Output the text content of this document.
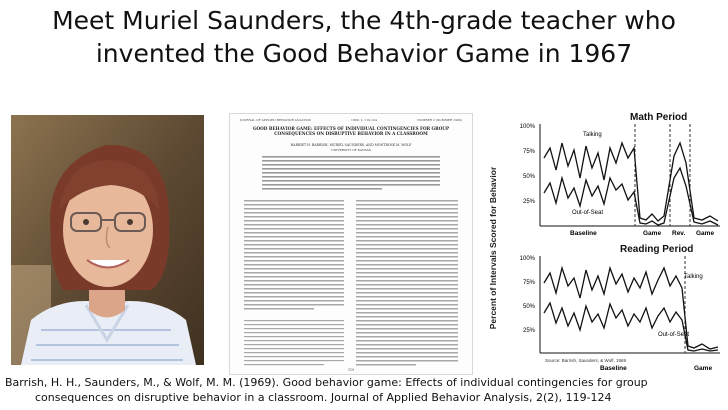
Meet Muriel Saunders, the 4th-grade teacher who
invented the Good Behavior Game in 1967
JOURNAL OF APPLIED BEHAVIOR ANALYSIS	1969, 2, 119-124	NUMBER 2 (SUMMER 1969)
GOOD BEHAVIOR GAME: EFFECTS OF INDIVIDUAL CONTINGENCIES FOR GROUP CONSEQUENCES ON DISRUPTIVE BEHAVIOR IN A CLASSROOM
HARRIET H. BARRISH, MURIEL SAUNDERS, AND MONTROSE M. WOLF
UNIVERSITY OF KANSAS
119
Percent of Intervals Scored for Behavior
Math Period
100%
75%
50%
25%
Talking
Out-of-Seat
Baseline	Game Rev. Game
Reading Period
100%
75%
50%
25%
Talking
Out-of-Seat
Source: Barrish, Saunders, & Wolf, 1969
Baseline	Game
Barrish, H. H., Saunders, M., & Wolf, M. M. (1969). Good behavior game: Effects of individual contingencies for group
consequences on disruptive behavior in a classroom. Journal of Applied Behavior Analysis, 2(2), 119-124
